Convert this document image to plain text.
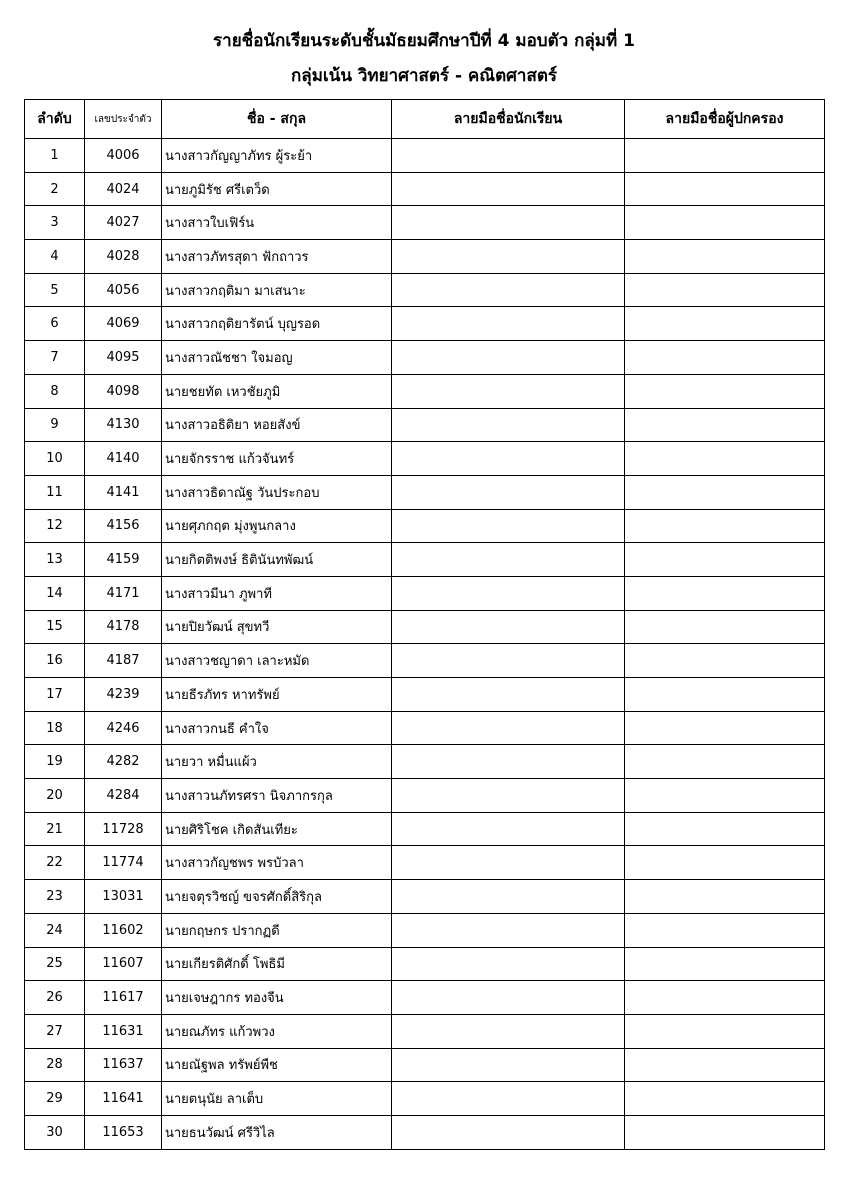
รายชื่อนักเรียนระดับชั้นมัธยมศึกษาปีที่ 4 มอบตัว กลุ่มที่ 1
กลุ่มเน้น วิทยาศาสตร์ - คณิตศาสตร์
ลำดับ	เลขประจำตัว	ชื่อ - สกุล	ลายมือชื่อนักเรียน	ลายมือชื่อผู้ปกครอง
1	4006	นางสาวกัญญาภัทร ผู้ระย้า		
2	4024	นายภูมิรัช ศรีเตว็ด		
3	4027	นางสาวใบเฟิร์น		
4	4028	นางสาวภัทรสุดา ฟักถาวร		
5	4056	นางสาวกฤติมา มาเสนาะ		
6	4069	นางสาวกฤติยารัตน์ บุญรอด		
7	4095	นางสาวณัชชา ใจมอญ		
8	4098	นายชยทัต เหวชัยภูมิ		
9	4130	นางสาวอธิติยา หอยสังข์		
10	4140	นายจักรราช แก้วจันทร์		
11	4141	นางสาวธิดาณัฐ วันประกอบ		
12	4156	นายศุภกฤต มุ่งพูนกลาง		
13	4159	นายกิตติพงษ์ ธิตินันทพัฒน์		
14	4171	นางสาวมีนา ภูพาที		
15	4178	นายปิยวัฒน์ สุขทวี		
16	4187	นางสาวชญาดา เลาะหมัด		
17	4239	นายธีรภัทร หาทรัพย์		
18	4246	นางสาวกนธี คำใจ		
19	4282	นายวา หมื่นแผ้ว		
20	4284	นางสาวนภัทรศรา นิจภากรกุล		
21	11728	นายศิริโชค เกิดสันเทียะ		
22	11774	นางสาวกัญชพร พรบัวลา		
23	13031	นายจตุรวิชญ์ ขจรศักดิ์สิริกุล		
24	11602	นายกฤษกร ปรากฏดี		
25	11607	นายเกียรติศักดิ์ โพธิมี		
26	11617	นายเจษฎากร ทองจีน		
27	11631	นายณภัทร แก้วพวง		
28	11637	นายณัฐพล ทรัพย์พืช		
29	11641	นายตนุนัย ลาเต็บ		
30	11653	นายธนวัฒน์ ศรีวิไล		
